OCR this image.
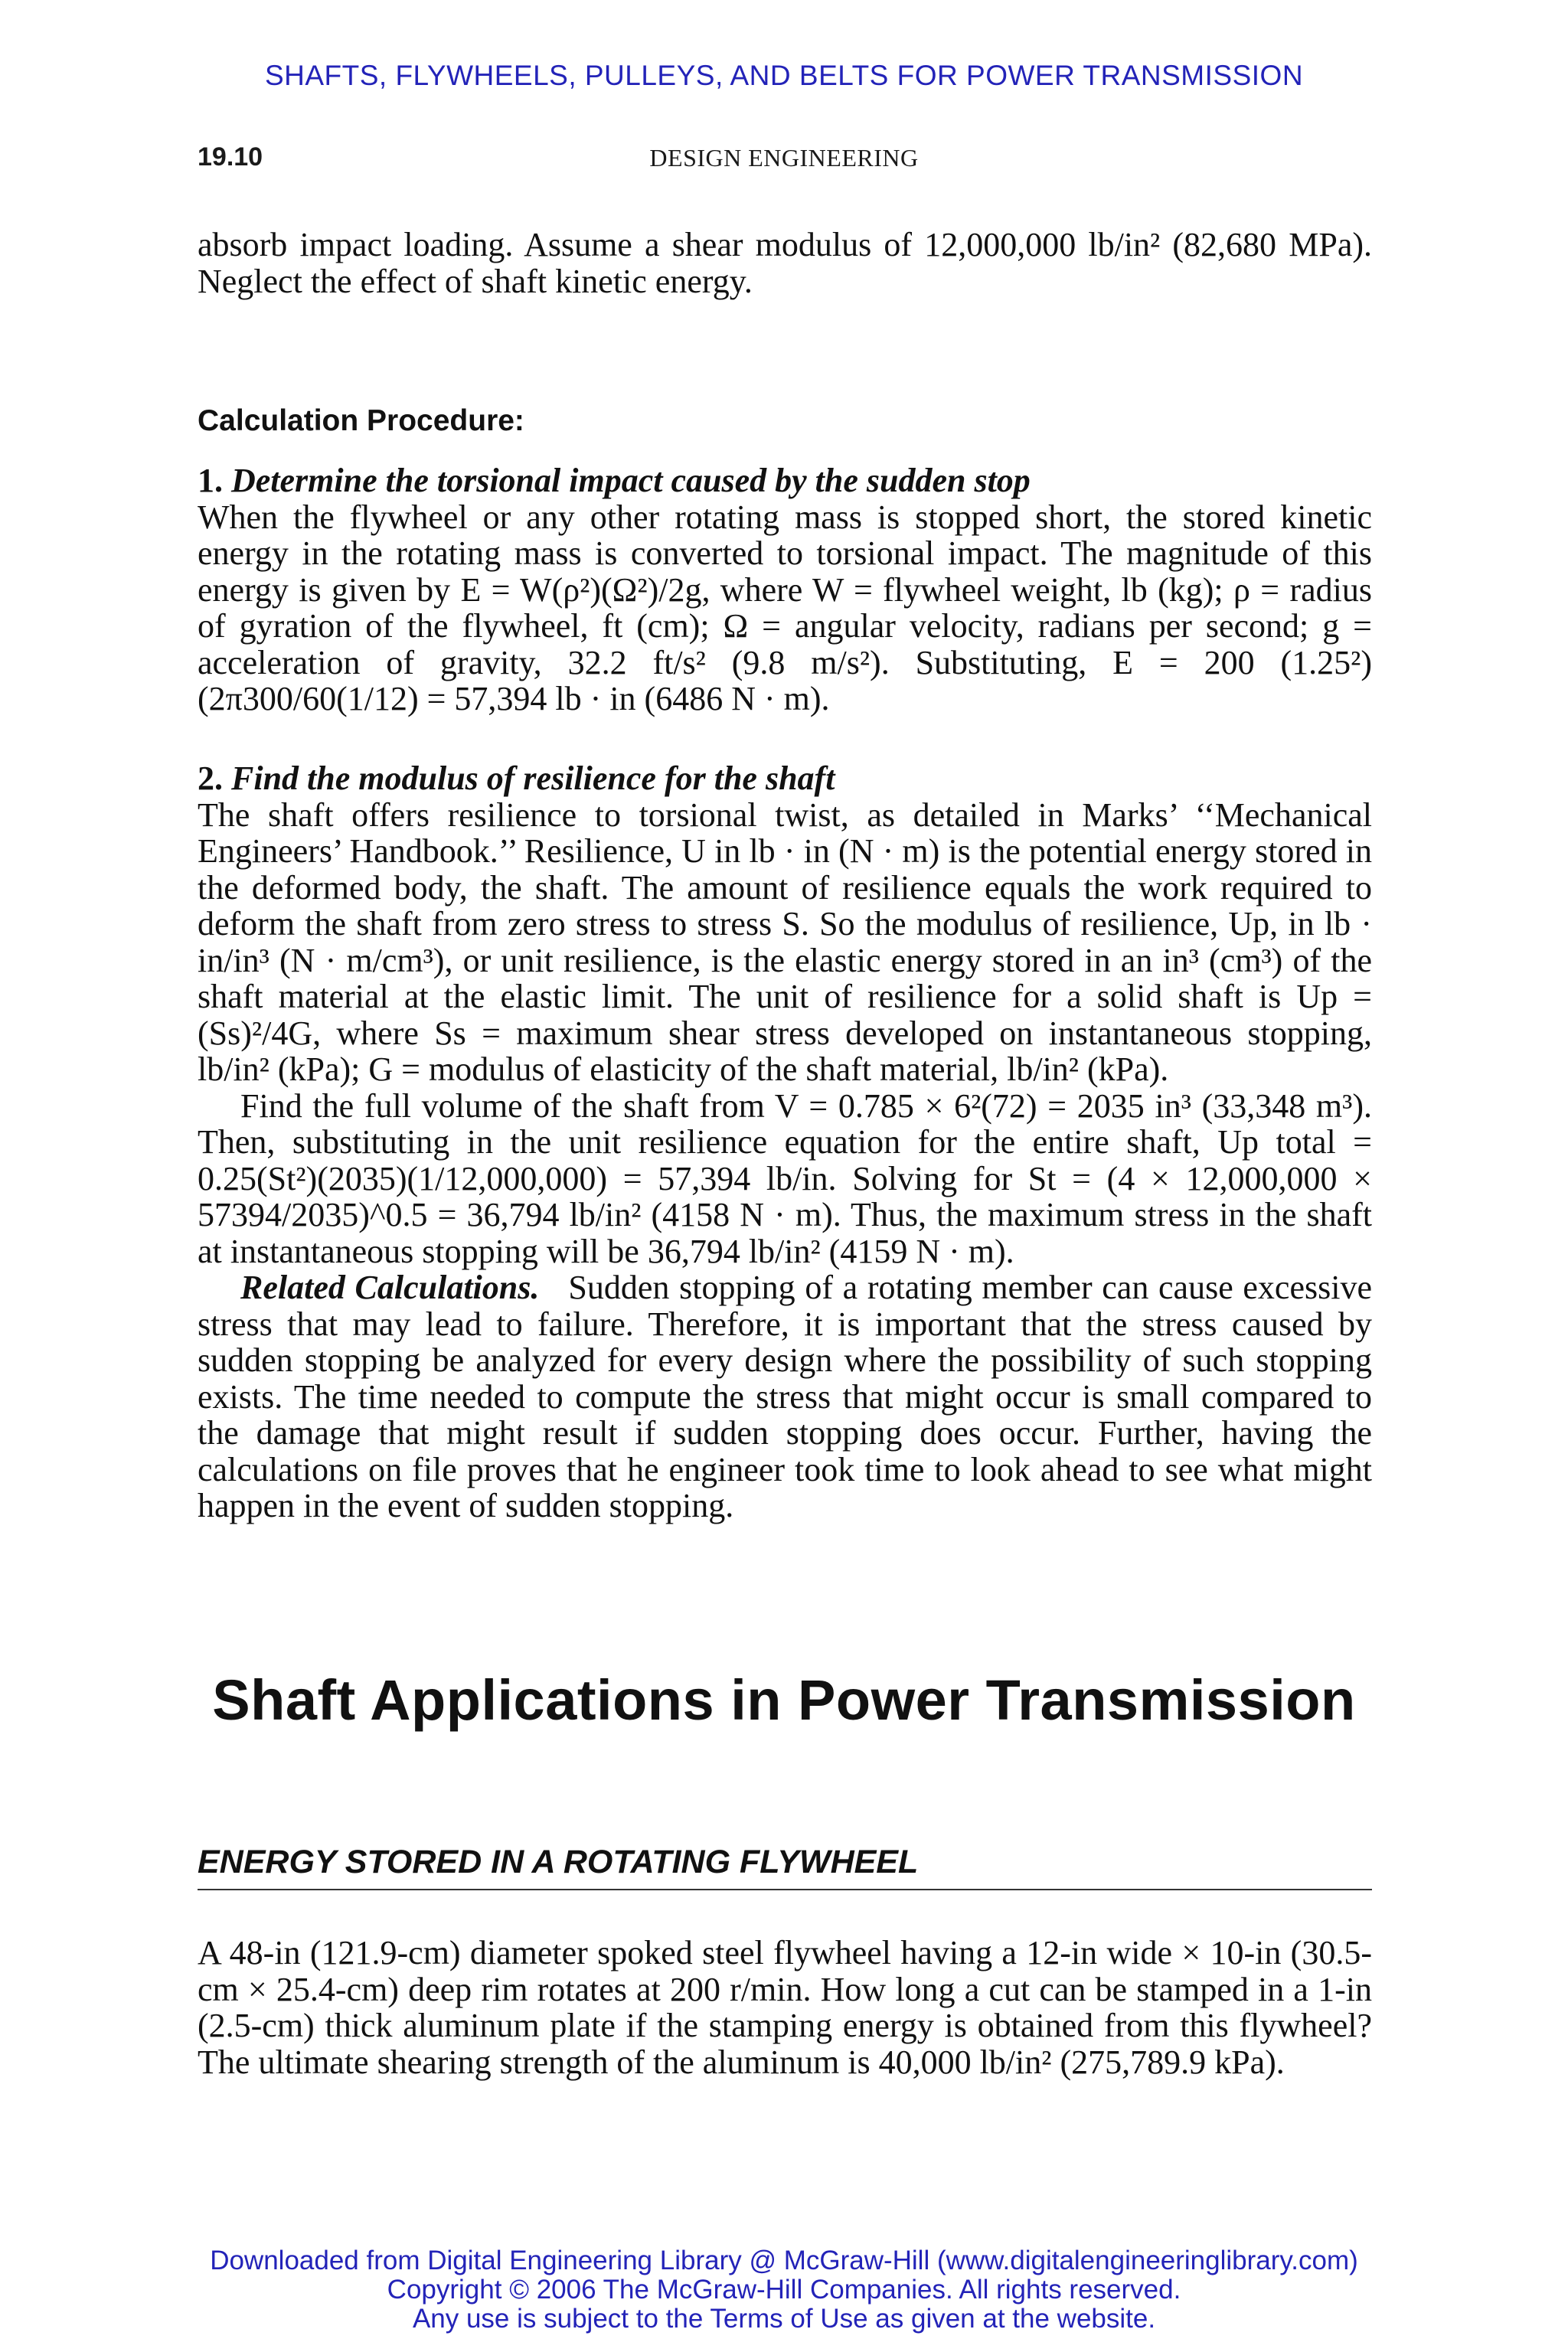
SHAFTS, FLYWHEELS, PULLEYS, AND BELTS FOR POWER TRANSMISSION
19.10	DESIGN ENGINEERING

absorb impact loading. Assume a shear modulus of 12,000,000 lb/in² (82,680 MPa). Neglect the effect of shaft kinetic energy.

Calculation Procedure:

1. Determine the torsional impact caused by the sudden stop

When the flywheel or any other rotating mass is stopped short, the stored kinetic energy in the rotating mass is converted to torsional impact. The magnitude of this energy is given by E = W(ρ²)(Ω²)/2g, where W = flywheel weight, lb (kg); ρ = radius of gyration of the flywheel, ft (cm); Ω = angular velocity, radians per second; g = acceleration of gravity, 32.2 ft/s² (9.8 m/s²). Substituting, E = 200 (1.25²)(2π300/60(1/12) = 57,394 lb · in (6486 N · m).

2. Find the modulus of resilience for the shaft

The shaft offers resilience to torsional twist, as detailed in Marks’ ‘‘Mechanical Engineers’ Handbook.’’ Resilience, U in lb · in (N · m) is the potential energy stored in the deformed body, the shaft. The amount of resilience equals the work required to deform the shaft from zero stress to stress S. So the modulus of resilience, Up, in lb · in/in³ (N · m/cm³), or unit resilience, is the elastic energy stored in an in³ (cm³) of the shaft material at the elastic limit. The unit of resilience for a solid shaft is Up = (Ss)²/4G, where Ss = maximum shear stress developed on instantaneous stopping, lb/in² (kPa); G = modulus of elasticity of the shaft material, lb/in² (kPa).

Find the full volume of the shaft from V = 0.785 × 6²(72) = 2035 in³ (33,348 m³). Then, substituting in the unit resilience equation for the entire shaft, Up total = 0.25(St²)(2035)(1/12,000,000) = 57,394 lb/in. Solving for St = (4 × 12,000,000 × 57394/2035)^0.5 = 36,794 lb/in² (4158 N · m). Thus, the maximum stress in the shaft at instantaneous stopping will be 36,794 lb/in² (4159 N · m).

Related Calculations. Sudden stopping of a rotating member can cause excessive stress that may lead to failure. Therefore, it is important that the stress caused by sudden stopping be analyzed for every design where the possibility of such stopping exists. The time needed to compute the stress that might occur is small compared to the damage that might result if sudden stopping does occur. Further, having the calculations on file proves that he engineer took time to look ahead to see what might happen in the event of sudden stopping.

Shaft Applications in Power Transmission
ENERGY STORED IN A ROTATING FLYWHEEL

A 48-in (121.9-cm) diameter spoked steel flywheel having a 12-in wide × 10-in (30.5-cm × 25.4-cm) deep rim rotates at 200 r/min. How long a cut can be stamped in a 1-in (2.5-cm) thick aluminum plate if the stamping energy is obtained from this flywheel? The ultimate shearing strength of the aluminum is 40,000 lb/in² (275,789.9 kPa).

Downloaded from Digital Engineering Library @ McGraw-Hill (www.digitalengineeringlibrary.com)
Copyright © 2006 The McGraw-Hill Companies. All rights reserved.
Any use is subject to the Terms of Use as given at the website.
